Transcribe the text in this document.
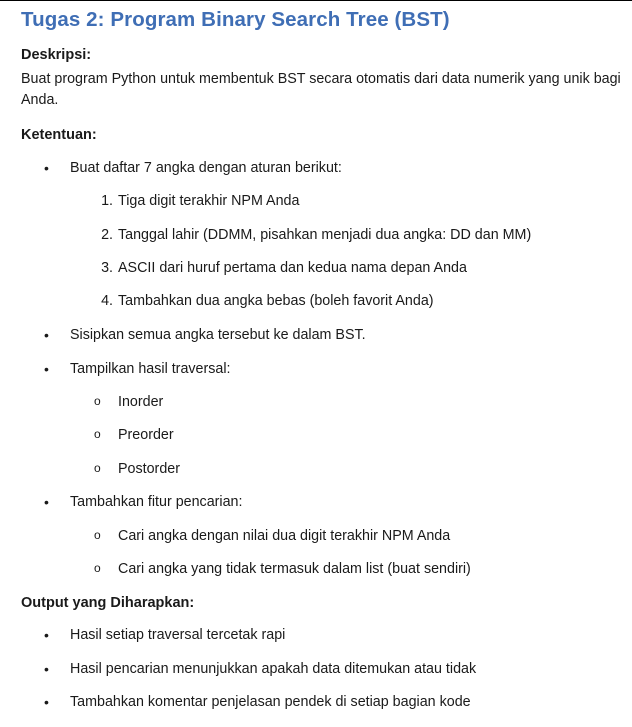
Tugas 2: Program Binary Search Tree (BST)
Deskripsi:
Buat program Python untuk membentuk BST secara otomatis dari data numerik yang unik bagi Anda.
Ketentuan:
• Buat daftar 7 angka dengan aturan berikut:
1. Tiga digit terakhir NPM Anda
2. Tanggal lahir (DDMM, pisahkan menjadi dua angka: DD dan MM)
3. ASCII dari huruf pertama dan kedua nama depan Anda
4. Tambahkan dua angka bebas (boleh favorit Anda)
• Sisipkan semua angka tersebut ke dalam BST.
• Tampilkan hasil traversal:
o Inorder
o Preorder
o Postorder
• Tambahkan fitur pencarian:
o Cari angka dengan nilai dua digit terakhir NPM Anda
o Cari angka yang tidak termasuk dalam list (buat sendiri)
Output yang Diharapkan:
• Hasil setiap traversal tercetak rapi
• Hasil pencarian menunjukkan apakah data ditemukan atau tidak
• Tambahkan komentar penjelasan pendek di setiap bagian kode
